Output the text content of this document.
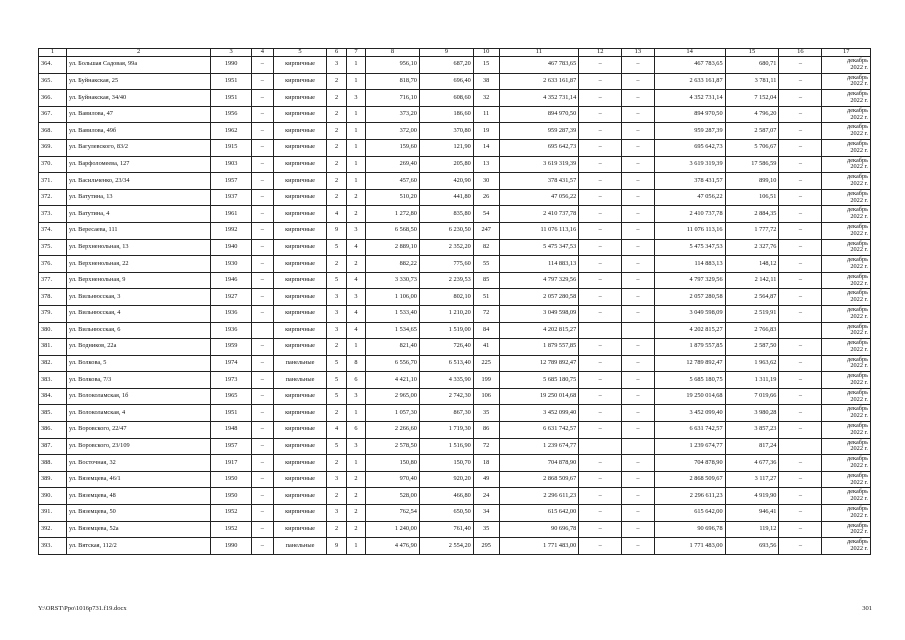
1	2	3	4	5	6	7	8	9	10	11	12	13	14	15	16	17
364.	ул. Большая Садовая, 99а	1990	–	кирпичные	3	1	956,10	687,20	15	467 783,65	–	–	467 783,65	680,71	–	декабрь
2022 г.

365.	ул. Буйнакская, 25	1951	–	кирпичные	2	1	818,70	696,40	38	2 633 161,87	–	–	2 633 161,87	3 781,11	–	декабрь
2022 г.

366.	ул. Буйнакская, 34/40	1951	–	кирпичные	2	3	716,10	608,60	32	4 352 731,14	–	–	4 352 731,14	7 152,04	–	декабрь
2022 г.

367.	ул. Вавилова, 47	1956	–	кирпичные	2	1	373,20	186,60	11	894 970,50	–	–	894 970,50	4 796,20	–	декабрь
2022 г.

368.	ул. Вавилова, 49б	1962	–	кирпичные	2	1	372,00	370,80	19	959 287,39	–	–	959 287,39	2 587,07	–	декабрь
2022 г.

369.	ул. Вагулевского, 83/2	1915	–	кирпичные	2	1	159,60	121,90	14	695 642,73	–	–	695 642,73	5 706,67	–	декабрь
2022 г.

370.	ул. Варфоломеева, 127	1903	–	кирпичные	2	1	269,40	205,80	13	3 619 319,39	–	–	3 619 319,39	17 586,59	–	декабрь
2022 г.

371.	ул. Васильченко, 23/34	1957	–	кирпичные	2	1	457,60	420,90	30	378 431,57	–	–	378 431,57	899,10	–	декабрь
2022 г.

372.	ул. Ватутина, 13	1937	–	кирпичные	2	2	510,20	441,80	26	47 056,22	–	–	47 056,22	106,51	–	декабрь
2022 г.

373.	ул. Ватутина, 4	1961	–	кирпичные	4	2	1 272,80	835,80	54	2 410 737,78	–	–	2 410 737,78	2 884,35	–	декабрь
2022 г.

374.	ул. Вересаева, 111	1992	–	кирпичные	9	3	6 568,50	6 230,50	247	11 076 113,16	–	–	11 076 113,16	1 777,72	–	декабрь
2022 г.

375.	ул. Верхненольная, 13	1940	–	кирпичные	5	4	2 889,10	2 352,20	82	5 475 347,53	–	–	5 475 347,53	2 327,76	–	декабрь
2022 г.

376.	ул. Верхненольная, 22	1930	–	кирпичные	2	2	882,22	775,60	55	114 883,13	–	–	114 883,13	148,12	–	декабрь
2022 г.

377.	ул. Верхненольная, 9	1946	–	кирпичные	5	4	3 330,73	2 239,53	85	4 797 329,56	–	–	4 797 329,56	2 142,11	–	декабрь
2022 г.

378.	ул. Вильнюсская, 3	1927	–	кирпичные	3	3	1 106,00	802,10	51	2 057 280,58	–	–	2 057 280,58	2 564,87	–	декабрь
2022 г.

379.	ул. Вильнюсская, 4	1936	–	кирпичные	3	4	1 533,40	1 210,20	72	3 049 598,09	–	–	3 049 598,09	2 519,91	–	декабрь
2022 г.

380.	ул. Вильнюсская, 6	1936		кирпичные	3	4	1 534,65	1 519,00	84	4 202 815,27			4 202 815,27	2 766,83		декабрь
2022 г.

381.	ул. Водников, 22а	1959	–	кирпичные	2	1	821,40	726,40	41	1 879 557,85	–	–	1 879 557,85	2 587,50	–	декабрь
2022 г.

382.	ул. Волкова, 5	1974	–	панельные	5	8	6 556,70	6 513,40	225	12 789 892,47	–	–	12 789 892,47	1 963,62	–	декабрь
2022 г.

383.	ул. Волкова, 7/3	1973	–	панельные	5	6	4 421,10	4 335,90	199	5 685 180,75	–	–	5 685 180,75	1 311,19	–	декабрь
2022 г.

384.	ул. Волоколамская, 1б	1965	–	кирпичные	5	3	2 965,00	2 742,30	106	19 250 014,68	–	–	19 250 014,68	7 019,66	–	декабрь
2022 г.

385.	ул. Волоколамская, 4	1951	–	кирпичные	2	1	1 057,30	867,30	35	3 452 099,40	–	–	3 452 099,40	3 980,28	–	декабрь
2022 г.

386.	ул. Воровского, 22/47	1948	–	кирпичные	4	6	2 266,60	1 719,30	86	6 631 742,57	–	–	6 631 742,57	3 857,23	–	декабрь
2022 г.

387.	ул. Воровского, 23/109	1957	–	кирпичные	5	3	2 578,50	1 516,90	72	1 239 674,77			1 239 674,77	817,24		декабрь
2022 г.

388.	ул. Восточная, 32	1917	–	кирпичные	2	1	150,80	150,70	18	704 878,90	–	–	704 878,90	4 677,36	–	декабрь
2022 г.

389.	ул. Вяземцева, 46/1	1950	–	кирпичные	3	2	970,40	920,20	49	2 868 509,67	–	–	2 868 509,67	3 117,27	–	декабрь
2022 г.

390.	ул. Вяземцева, 48	1950	–	кирпичные	2	2	528,00	466,80	24	2 296 611,23	–	–	2 296 611,23	4 919,90	–	декабрь
2022 г.

391.	ул. Вяземцева, 50	1952	–	кирпичные	3	2	762,54	650,50	34	615 642,00	–	–	615 642,00	946,41	–	декабрь
2022 г.

392.	ул. Вяземцева, 52а	1952	–	кирпичные	2	2	1 240,00	761,40	35	90 696,78	–	–	90 696,78	119,12	–	декабрь
2022 г.

393.	ул. Вятская, 112/2	1990	–	панельные	9	1	4 476,90	2 554,20	295	1 771 483,00	–	–	1 771 483,00	693,56	–	декабрь
2022 г.
Y:\ORST\Ppo\1016p731.f19.docx	301
